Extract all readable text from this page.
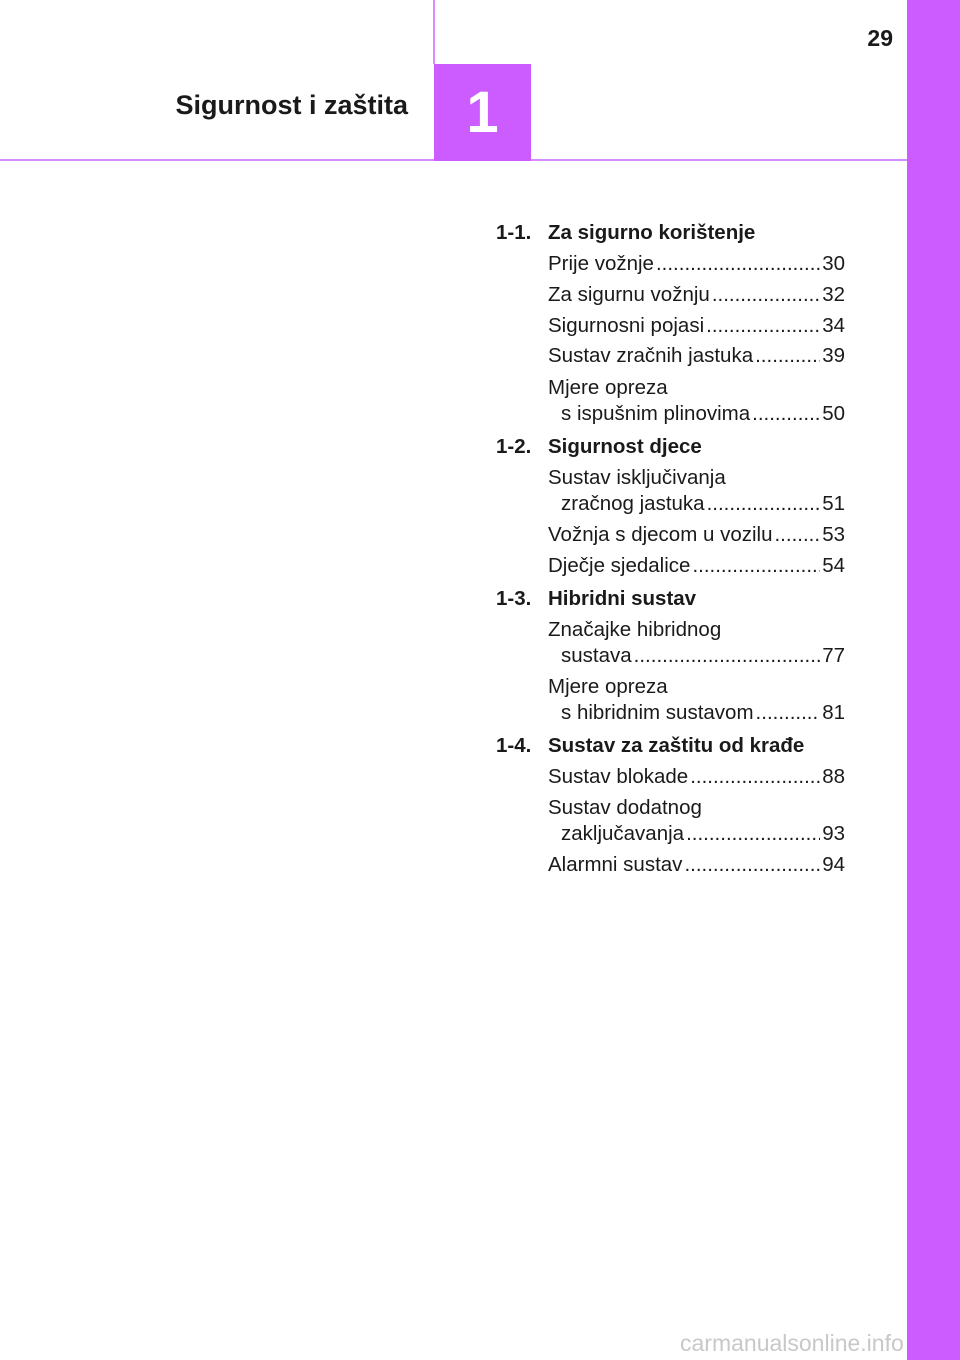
Sigurnost i zaštita 1
29
1-1. Za sigurno korištenje
Prije vožnje .....	30
Za sigurnu vožnju .....	32
Sigurnosni pojasi .....	34
Sustav zračnih jastuka .....	39
Mjere opreza
s ispušnim plinovima .....	50
1-2. Sigurnost djece
Sustav isključivanja
zračnog jastuka .....	51
Vožnja s djecom u vozilu ..... 53
Dječje sjedalice .....	54
1-3. Hibridni sustav
Značajke hibridnog
sustava .....	77
Mjere opreza
s hibridnim sustavom .....	81
1-4. Sustav za zaštitu od krađe
Sustav blokade .....	88
Sustav dodatnog
zaključavanja .....	93
Alarmni sustav .....	94
carmanualsonline.info
